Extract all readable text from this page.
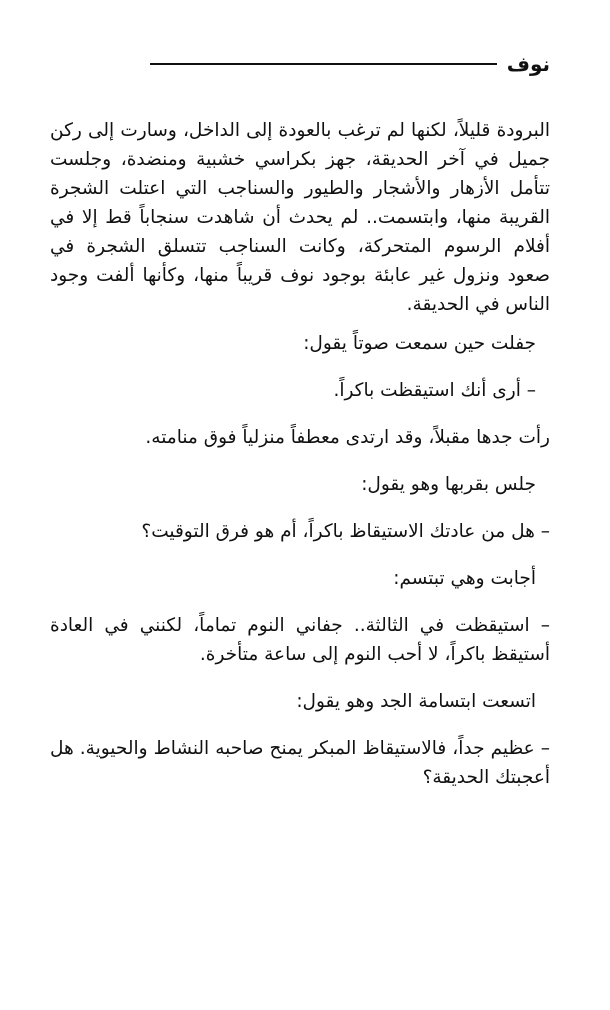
نوف

البرودة قليلاً، لكنها لم ترغب بالعودة إلى الداخل، وسارت إلى ركن جميل في آخر الحديقة، جهز بكراسي خشبية ومنضدة، وجلست تتأمل الأزهار والأشجار والطيور والسناجب التي اعتلت الشجرة القريبة منها، وابتسمت.. لم يحدث أن شاهدت سنجاباً قط إلا في أفلام الرسوم المتحركة، وكانت السناجب تتسلق الشجرة في صعود ونزول غير عابئة بوجود نوف قريباً منها، وكأنها ألفت وجود الناس في الحديقة.

جفلت حين سمعت صوتاً يقول:

– أرى أنك استيقظت باكراً.

رأت جدها مقبلاً، وقد ارتدى معطفاً منزلياً فوق منامته.

جلس بقربها وهو يقول:

– هل من عادتك الاستيقاظ باكراً، أم هو فرق التوقيت؟

أجابت وهي تبتسم:

– استيقظت في الثالثة.. جفاني النوم تماماً، لكنني في العادة أستيقظ باكراً، لا أحب النوم إلى ساعة متأخرة.

اتسعت ابتسامة الجد وهو يقول:

– عظيم جداً، فالاستيقاظ المبكر يمنح صاحبه النشاط والحيوية. هل أعجبتك الحديقة؟
